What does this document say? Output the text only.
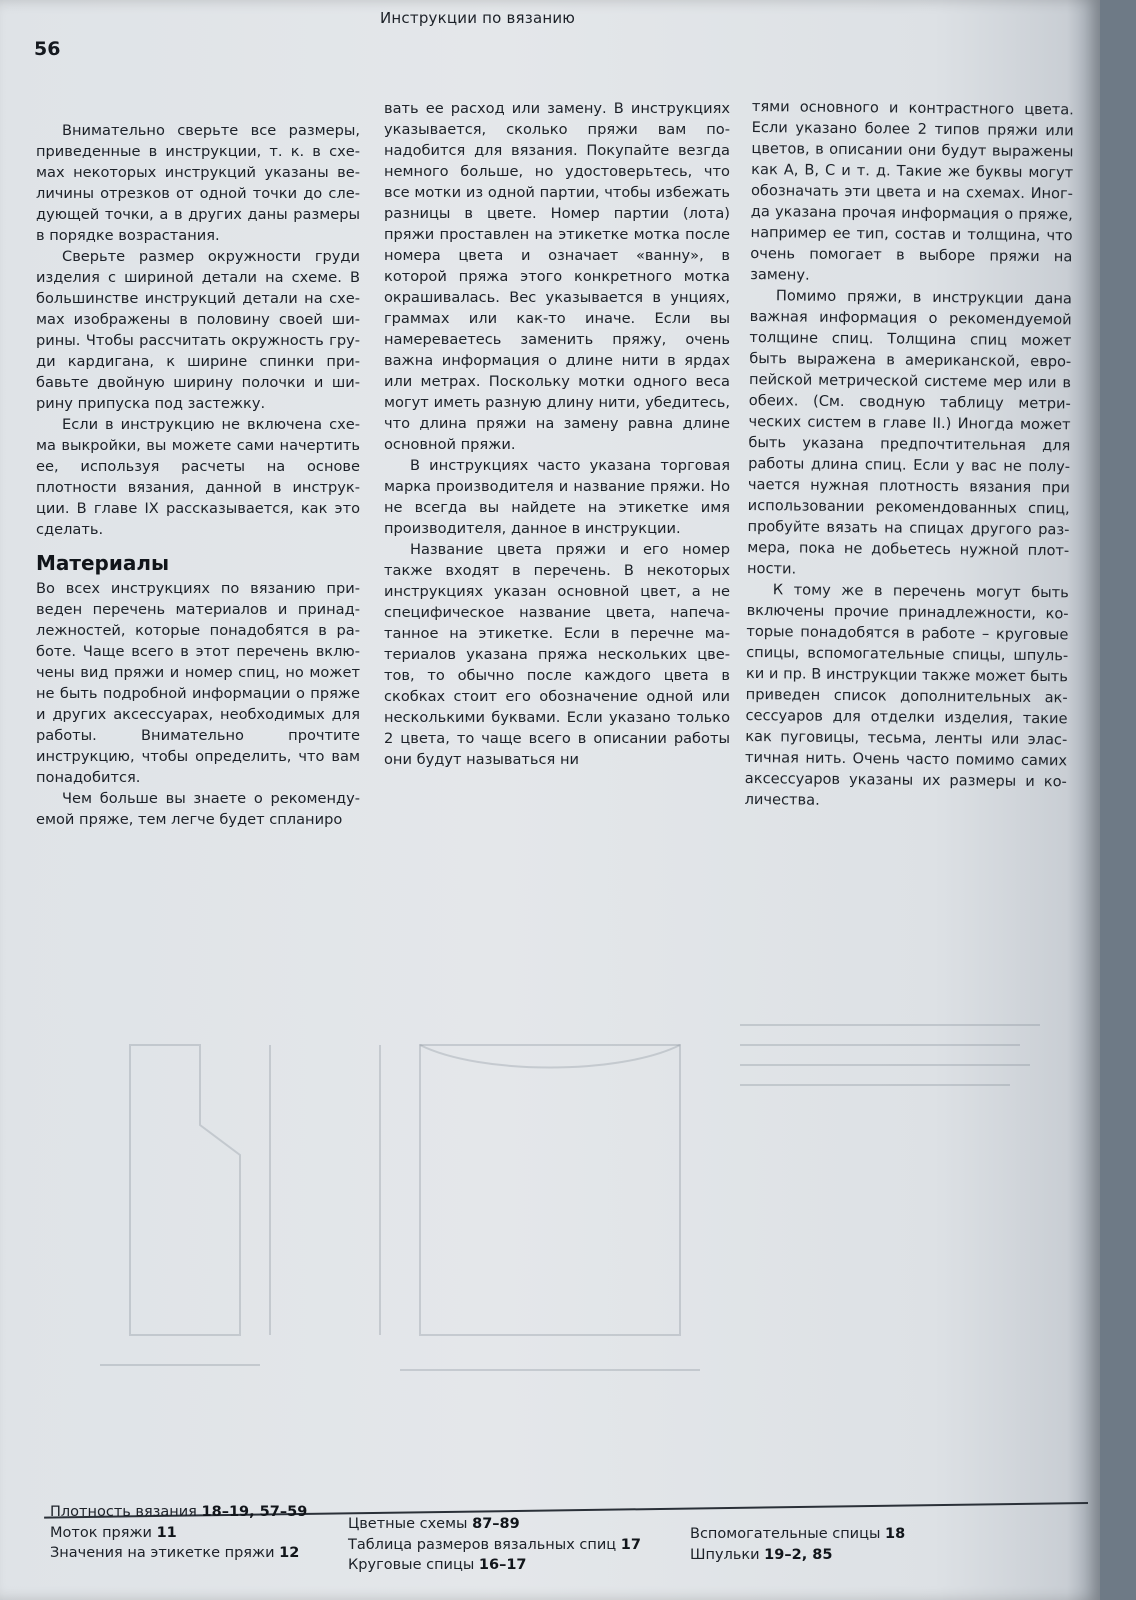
56
Инструкции по вязанию

Внимательно сверьте все размеры, приведенные в инструкции, т. к. в схемах некоторых инструкций указаны величины отрезков от одной точки до следующей точки, а в других даны размеры в порядке возрастания.

Сверьте размер окружности груди изделия с шириной детали на схеме. В большинстве инструкций детали на схемах изображены в половину своей ширины. Чтобы рассчитать окружность груди кардигана, к ширине спинки прибавьте двойную ширину полочки и ширину припуска под застежку.

Если в инструкцию не включена схема выкройки, вы можете сами начертить ее, используя расчеты на основе плотности вязания, данной в инструкции. В главе IX рассказывается, как это сделать.

Материалы

Во всех инструкциях по вязанию приведен перечень материалов и принадлежностей, которые понадобятся в работе. Чаще всего в этот перечень включены вид пряжи и номер спиц, но может не быть подробной информации о пряже и других аксессуарах, необходимых для работы. Внимательно прочтите инструкцию, чтобы определить, что вам понадобится.

Чем больше вы знаете о рекомендуемой пряже, тем легче будет спланиро

вать ее расход или замену. В инструкциях указывается, сколько пряжи вам понадобится для вязания. Покупайте везгда немного больше, но удостоверьтесь, что все мотки из одной партии, чтобы избежать разницы в цвете. Номер партии (лота) пряжи проставлен на этикетке мотка после номера цвета и означает «ванну», в которой пряжа этого конкретного мотка окрашивалась. Вес указывается в унциях, граммах или как-то иначе. Если вы намереваетесь заменить пряжу, очень важна информация о длине нити в ярдах или метрах. Поскольку мотки одного веса могут иметь разную длину нити, убедитесь, что длина пряжи на замену равна длине основной пряжи.

В инструкциях часто указана торговая марка производителя и название пряжи. Но не всегда вы найдете на этикетке имя производителя, данное в инструкции.

Название цвета пряжи и его номер также входят в перечень. В некоторых инструкциях указан основной цвет, а не специфическое название цвета, напечатанное на этикетке. Если в перечне материалов указана пряжа нескольких цветов, то обычно после каждого цвета в скобках стоит его обозначение одной или несколькими буквами. Если указано только 2 цвета, то чаще всего в описании работы они будут называться ни

тями основного и контрастного цвета. Если указано более 2 типов пряжи или цветов, в описании они будут выражены как А, В, С и т. д. Такие же буквы могут обозначать эти цвета и на схемах. Иногда указана прочая информация о пряже, например ее тип, состав и толщина, что очень помогает в выборе пряжи на замену.

Помимо пряжи, в инструкции дана важная информация о рекомендуемой толщине спиц. Толщина спиц может быть выражена в американской, европейской метрической системе мер или в обеих. (См. сводную таблицу метрических систем в главе II.) Иногда может быть указана предпочтительная для работы длина спиц. Если у вас не получается нужная плотность вязания при использовании рекомендованных спиц, пробуйте вязать на спицах другого размера, пока не добьетесь нужной плотности.

К тому же в перечень могут быть включены прочие принадлежности, которые понадобятся в работе – круговые спицы, вспомогательные спицы, шпульки и пр. В инструкции также может быть приведен список дополнительных аксессуаров для отделки изделия, такие как пуговицы, тесьма, ленты или эластичная нить. Очень часто помимо самих аксессуаров указаны их размеры и количества.

Плотность вязания 18–19, 57–59
Моток пряжи 11
Значения на этикетке пряжи 12
Цветные схемы 87–89
Таблица размеров вязальных спиц 17
Круговые спицы 16–17
Вспомогательные спицы 18
Шпульки 19–2, 85
